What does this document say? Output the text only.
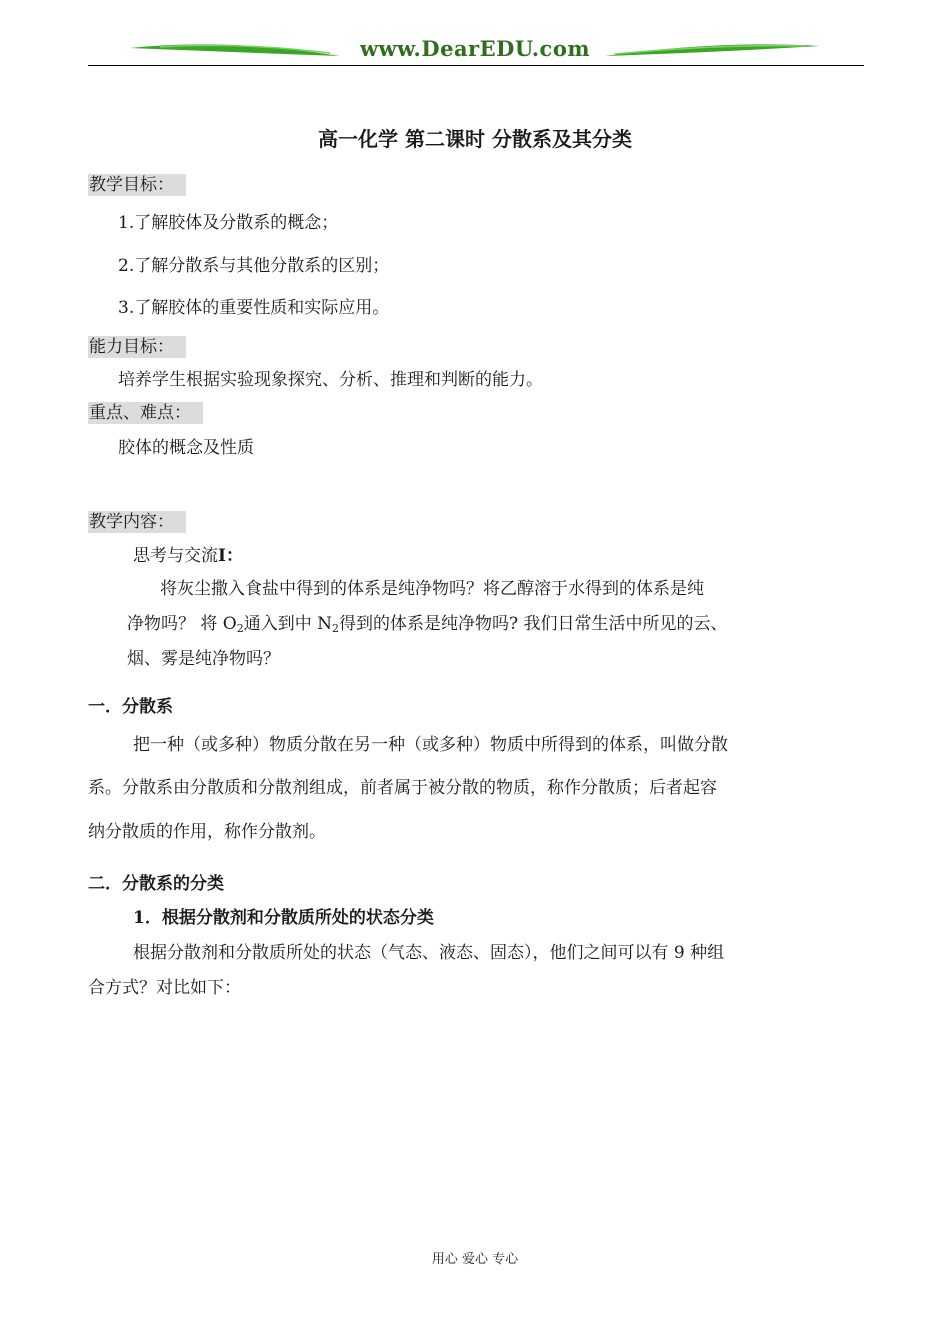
www.DearEDU.com
高一化学 第二课时 分散系及其分类
教学目标：
1.了解胶体及分散系的概念；
2.了解分散系与其他分散系的区别；
3.了解胶体的重要性质和实际应用。
能力目标：
培养学生根据实验现象探究、分析、推理和判断的能力。
重点、难点：
胶体的概念及性质
教学内容：
思考与交流I：
将灰尘撒入食盐中得到的体系是纯净物吗？将乙醇溶于水得到的体系是纯
净物吗？ 将 $O_2$通入到中 $N_2$得到的体系是纯净物吗? 我们日常生活中所见的云、
烟、雾是纯净物吗？
一．分散系
把一种（或多种）物质分散在另一种（或多种）物质中所得到的体系，叫做分散
系。分散系由分散质和分散剂组成，前者属于被分散的物质，称作分散质；后者起容
纳分散质的作用，称作分散剂。
二．分散系的分类
1．根据分散剂和分散质所处的状态分类
根据分散剂和分散质所处的状态（气态、液态、固态），他们之间可以有 9 种组
合方式？对比如下：
用心 爱心 专心
